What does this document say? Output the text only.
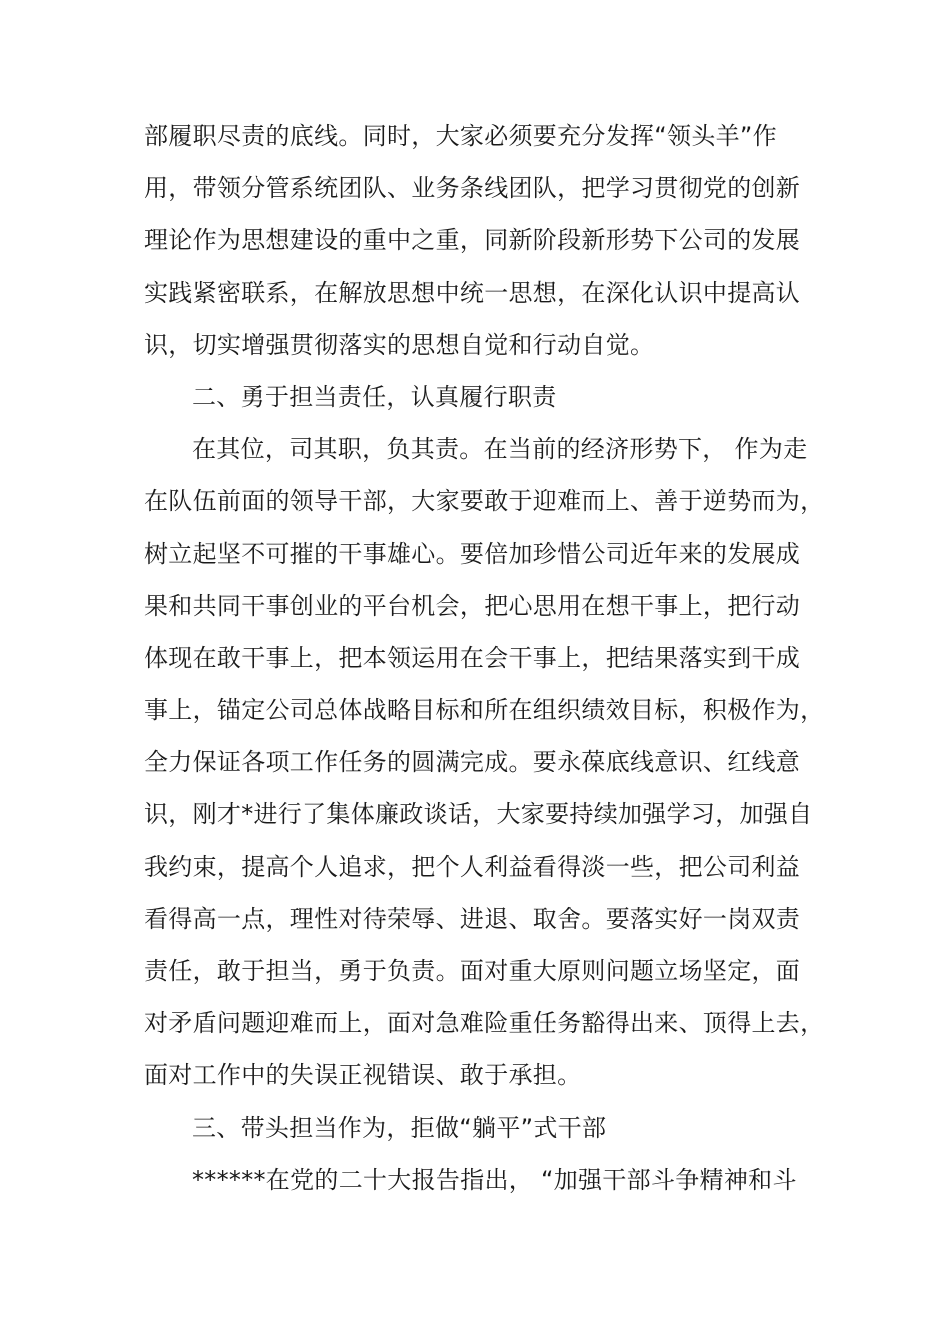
部履职尽责的底线。同时，大家必须要充分发挥“领头羊”作
用，带领分管系统团队、业务条线团队，把学习贯彻党的创新
理论作为思想建设的重中之重，同新阶段新形势下公司的发展
实践紧密联系，在解放思想中统一思想，在深化认识中提高认
识，切实增强贯彻落实的思想自觉和行动自觉。
二、勇于担当责任，认真履行职责
在其位，司其职，负其责。在当前的经济形势下， 作为走
在队伍前面的领导干部，大家要敢于迎难而上、善于逆势而为，
树立起坚不可摧的干事雄心。要倍加珍惜公司近年来的发展成
果和共同干事创业的平台机会，把心思用在想干事上，把行动
体现在敢干事上，把本领运用在会干事上，把结果落实到干成
事上，锚定公司总体战略目标和所在组织绩效目标，积极作为，
全力保证各项工作任务的圆满完成。要永葆底线意识、红线意
识，刚才*进行了集体廉政谈话，大家要持续加强学习，加强自
我约束，提高个人追求，把个人利益看得淡一些，把公司利益
看得高一点，理性对待荣辱、进退、取舍。要落实好一岗双责
责任，敢于担当，勇于负责。面对重大原则问题立场坚定，面
对矛盾问题迎难而上，面对急难险重任务豁得出来、顶得上去，
面对工作中的失误正视错误、敢于承担。
三、带头担当作为，拒做“躺平”式干部
******在党的二十大报告指出， “加强干部斗争精神和斗
